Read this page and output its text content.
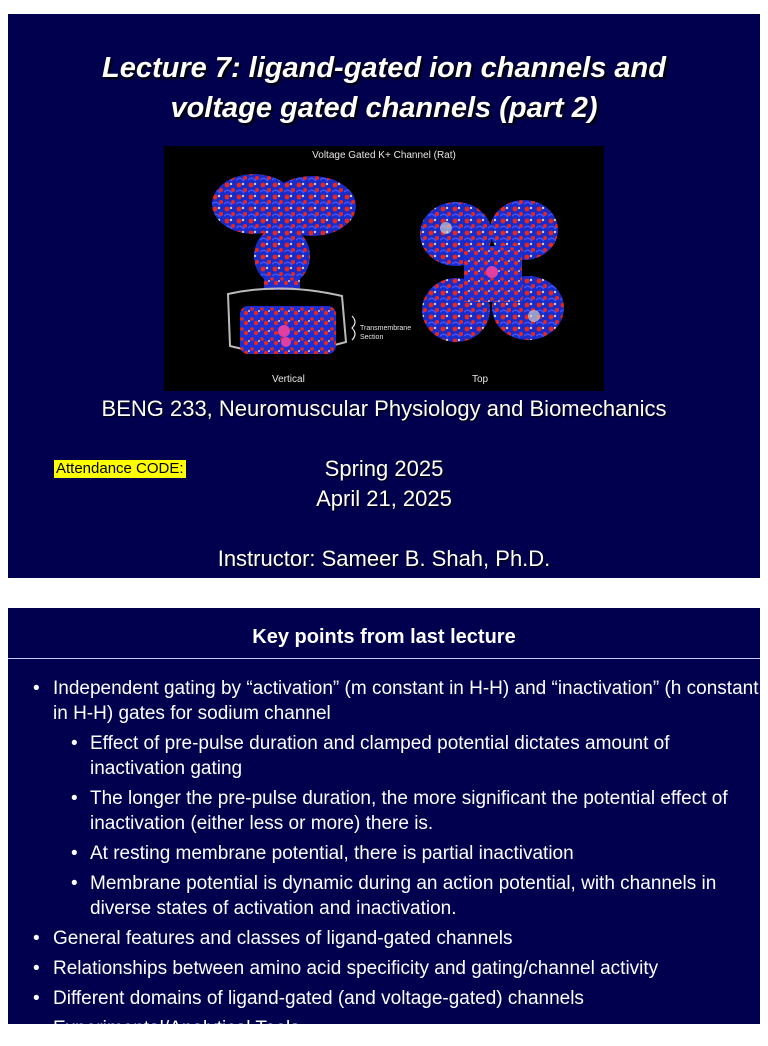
Lecture 7: ligand-gated ion channels and
voltage gated channels (part 2)
Voltage Gated K+ Channel (Rat)
Vertical	Top
Transmembrane
Section
BENG 233, Neuromuscular Physiology and Biomechanics
Attendance CODE:	Spring 2025
April 21, 2025
Instructor: Sameer B. Shah, Ph.D.
Key points from last lecture
• Independent gating by “activation” (m constant in H-H) and “inactivation” (h constant in H-H) gates for sodium channel
• Effect of pre-pulse duration and clamped potential dictates amount of inactivation gating
• The longer the pre-pulse duration, the more significant the potential effect of inactivation (either less or more) there is.
• At resting membrane potential, there is partial inactivation
• Membrane potential is dynamic during an action potential, with channels in diverse states of activation and inactivation.
• General features and classes of ligand-gated channels
• Relationships between amino acid specificity and gating/channel activity
• Different domains of ligand-gated (and voltage-gated) channels
• Experimental/Analytical Tools
